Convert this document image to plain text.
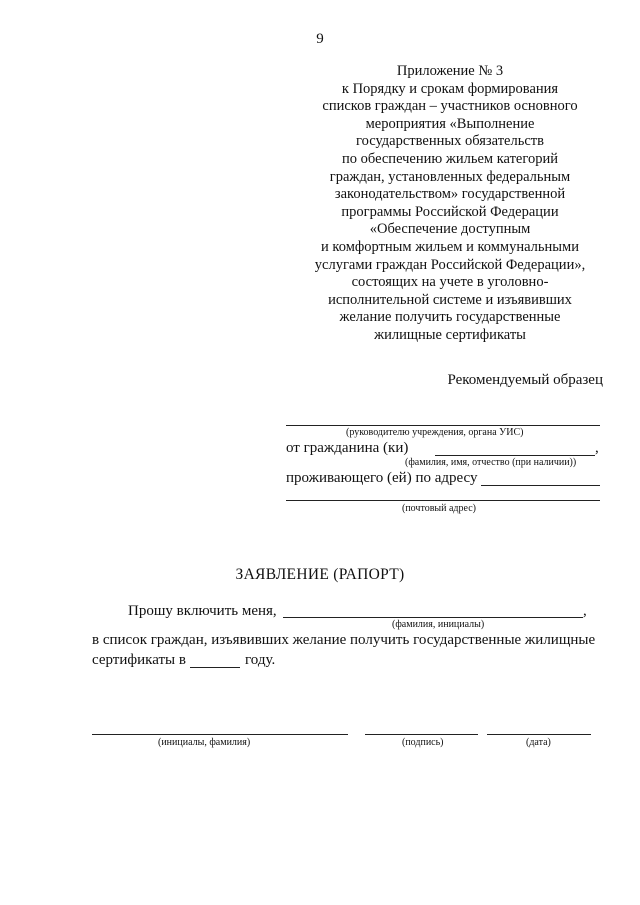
9
Приложение № 3
к Порядку и срокам формирования
списков граждан – участников основного
мероприятия «Выполнение
государственных обязательств
по обеспечению жильем категорий
граждан, установленных федеральным
законодательством» государственной
программы Российской Федерации
«Обеспечение доступным
и комфортным жильем и коммунальными
услугами граждан Российской Федерации»,
состоящих на учете в уголовно-
исполнительной системе и изъявивших
желание получить государственные
жилищные сертификаты
Рекомендуемый образец
(руководителю учреждения, органа УИС)
от гражданина (ки)	,
(фамилия, имя, отчество (при наличии))
проживающего (ей) по адресу
(почтовый адрес)
ЗАЯВЛЕНИЕ (РАПОРТ)
Прошу включить меня,	,
(фамилия, инициалы)
в список граждан, изъявивших желание получить государственные жилищные
сертификаты в	году.
(инициалы, фамилия)	(подпись)	(дата)
